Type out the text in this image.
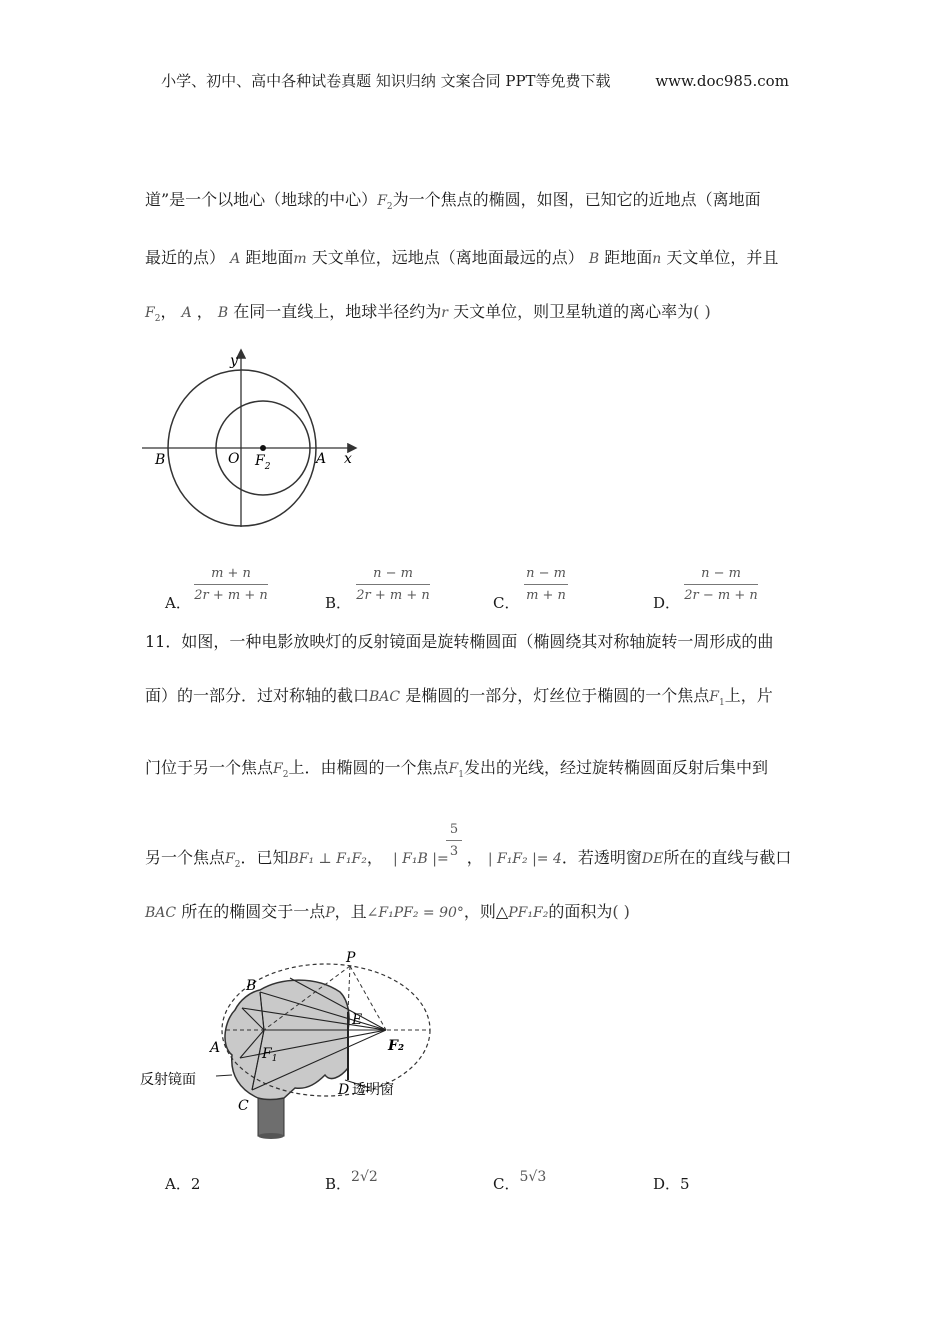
小学、初中、高中各种试卷真题 知识归纳 文案合同 PPT等免费下载	www.doc985.com
道”是一个以地心（地球的中心）$F_2$为一个焦点的椭圆，如图，已知它的近地点（离地面
最近的点） A 距地面m 天文单位，远地点（离地面最远的点） B 距地面n 天文单位，并且
$F_2$， A ， B 在同一直线上，地球半径约为r 天文单位，则卫星轨道的离心率为( )
y
x
O $F_2$	A
B
A．
m + n
2r + m + n	B．
n − m
2r + m + n	C．
n − m
m + n	D．
n − m
2r − m + n
11．如图，一种电影放映灯的反射镜面是旋转椭圆面（椭圆绕其对称轴旋转一周形成的曲
面）的一部分．过对称轴的截口BAC 是椭圆的一部分，灯丝位于椭圆的一个焦点$F_1$上，片
门位于另一个焦点$F_2$上．由椭圆的一个焦点$F_1$发出的光线，经过旋转椭圆面反射后集中到
另一个焦点$F_2$．已知BF₁ ⊥ F₁F₂， | F₁B |= ， | F₁F₂ |= 4．若透明窗DE所在的直线与截口
5
3
BAC 所在的椭圆交于一点P，且∠F₁PF₂ = 90°，则△PF₁F₂的面积为( )
P
B
E
A	$F_1$
F₂
C
D
反射镜面
透明窗
A．2	B．2√2	C．5√3	D．5
